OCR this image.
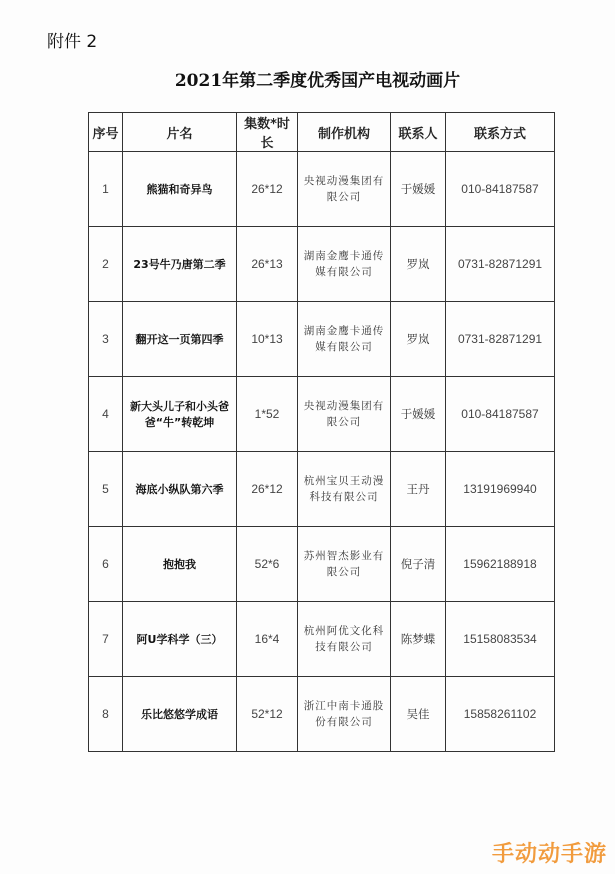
附件 2
2021年第二季度优秀国产电视动画片
序号	片名	集数*时长	制作机构	联系人	联系方式
1	熊猫和奇异鸟	26*12	央视动漫集团有限公司	于媛媛	010-84187587
2	23号牛乃唐第二季	26*13	湖南金鹰卡通传媒有限公司	罗岚	0731-82871291
3	翻开这一页第四季	10*13	湖南金鹰卡通传媒有限公司	罗岚	0731-82871291
4	新大头儿子和小头爸爸“牛”转乾坤	1*52	央视动漫集团有限公司	于媛媛	010-84187587
5	海底小纵队第六季	26*12	杭州宝贝王动漫科技有限公司	王丹	13191969940
6	抱抱我	52*6	苏州智杰影业有限公司	倪子清	15962188918
7	阿U学科学（三）	16*4	杭州阿优文化科技有限公司	陈梦蝶	15158083534
8	乐比悠悠学成语	52*12	浙江中南卡通股份有限公司	吴佳	15858261102
手动动手游
